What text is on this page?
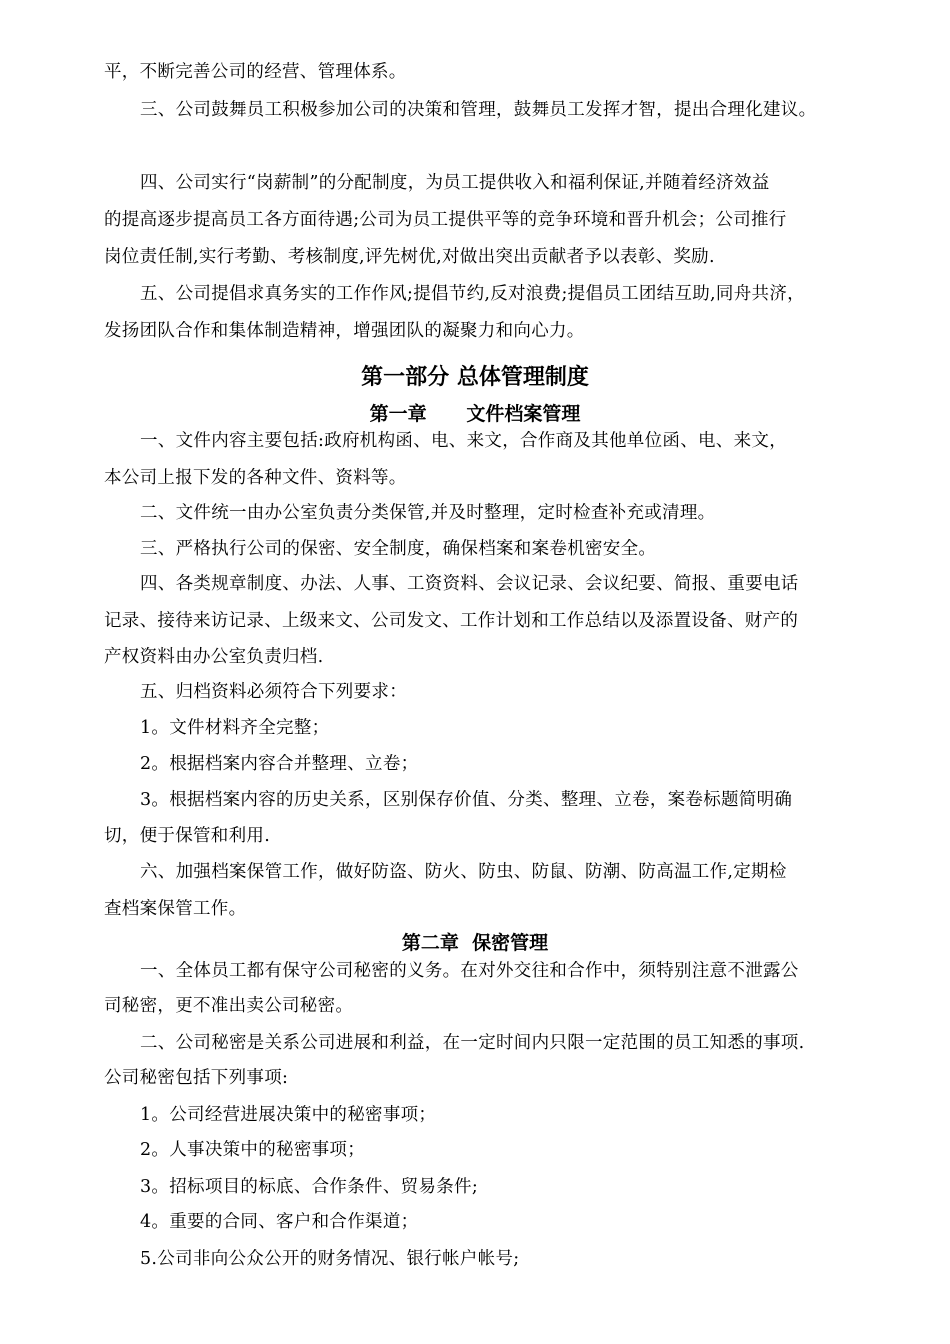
平，不断完善公司的经营、管理体系。
三、公司鼓舞员工积极参加公司的决策和管理，鼓舞员工发挥才智，提出合理化建议。
四、公司实行“岗薪制”的分配制度，为员工提供收入和福利保证,并随着经济效益
的提高逐步提高员工各方面待遇;公司为员工提供平等的竞争环境和晋升机会；公司推行
岗位责任制,实行考勤、考核制度,评先树优,对做出突出贡献者予以表彰、奖励.
五、公司提倡求真务实的工作作风;提倡节约,反对浪费;提倡员工团结互助,同舟共济，
发扬团队合作和集体制造精神，增强团队的凝聚力和向心力。
第一部分 总体管理制度
第一章      文件档案管理
一、文件内容主要包括:政府机构函、电、来文，合作商及其他单位函、电、来文，
本公司上报下发的各种文件、资料等。
二、文件统一由办公室负责分类保管,并及时整理，定时检查补充或清理。
三、严格执行公司的保密、安全制度，确保档案和案卷机密安全。
四、各类规章制度、办法、人事、工资资料、会议记录、会议纪要、简报、重要电话
记录、接待来访记录、上级来文、公司发文、工作计划和工作总结以及添置设备、财产的
产权资料由办公室负责归档.
五、归档资料必须符合下列要求：
1。文件材料齐全完整；
2。根据档案内容合并整理、立卷；
3。根据档案内容的历史关系，区别保存价值、分类、整理、立卷，案卷标题简明确
切，便于保管和利用.
六、加强档案保管工作，做好防盗、防火、防虫、防鼠、防潮、防高温工作,定期检
查档案保管工作。
第二章  保密管理
一、全体员工都有保守公司秘密的义务。在对外交往和合作中，须特别注意不泄露公
司秘密，更不准出卖公司秘密。
二、公司秘密是关系公司进展和利益，在一定时间内只限一定范围的员工知悉的事项.
公司秘密包括下列事项:
1。公司经营进展决策中的秘密事项；
2。人事决策中的秘密事项；
3。招标项目的标底、合作条件、贸易条件;
4。重要的合同、客户和合作渠道；
5.公司非向公众公开的财务情况、银行帐户帐号;
